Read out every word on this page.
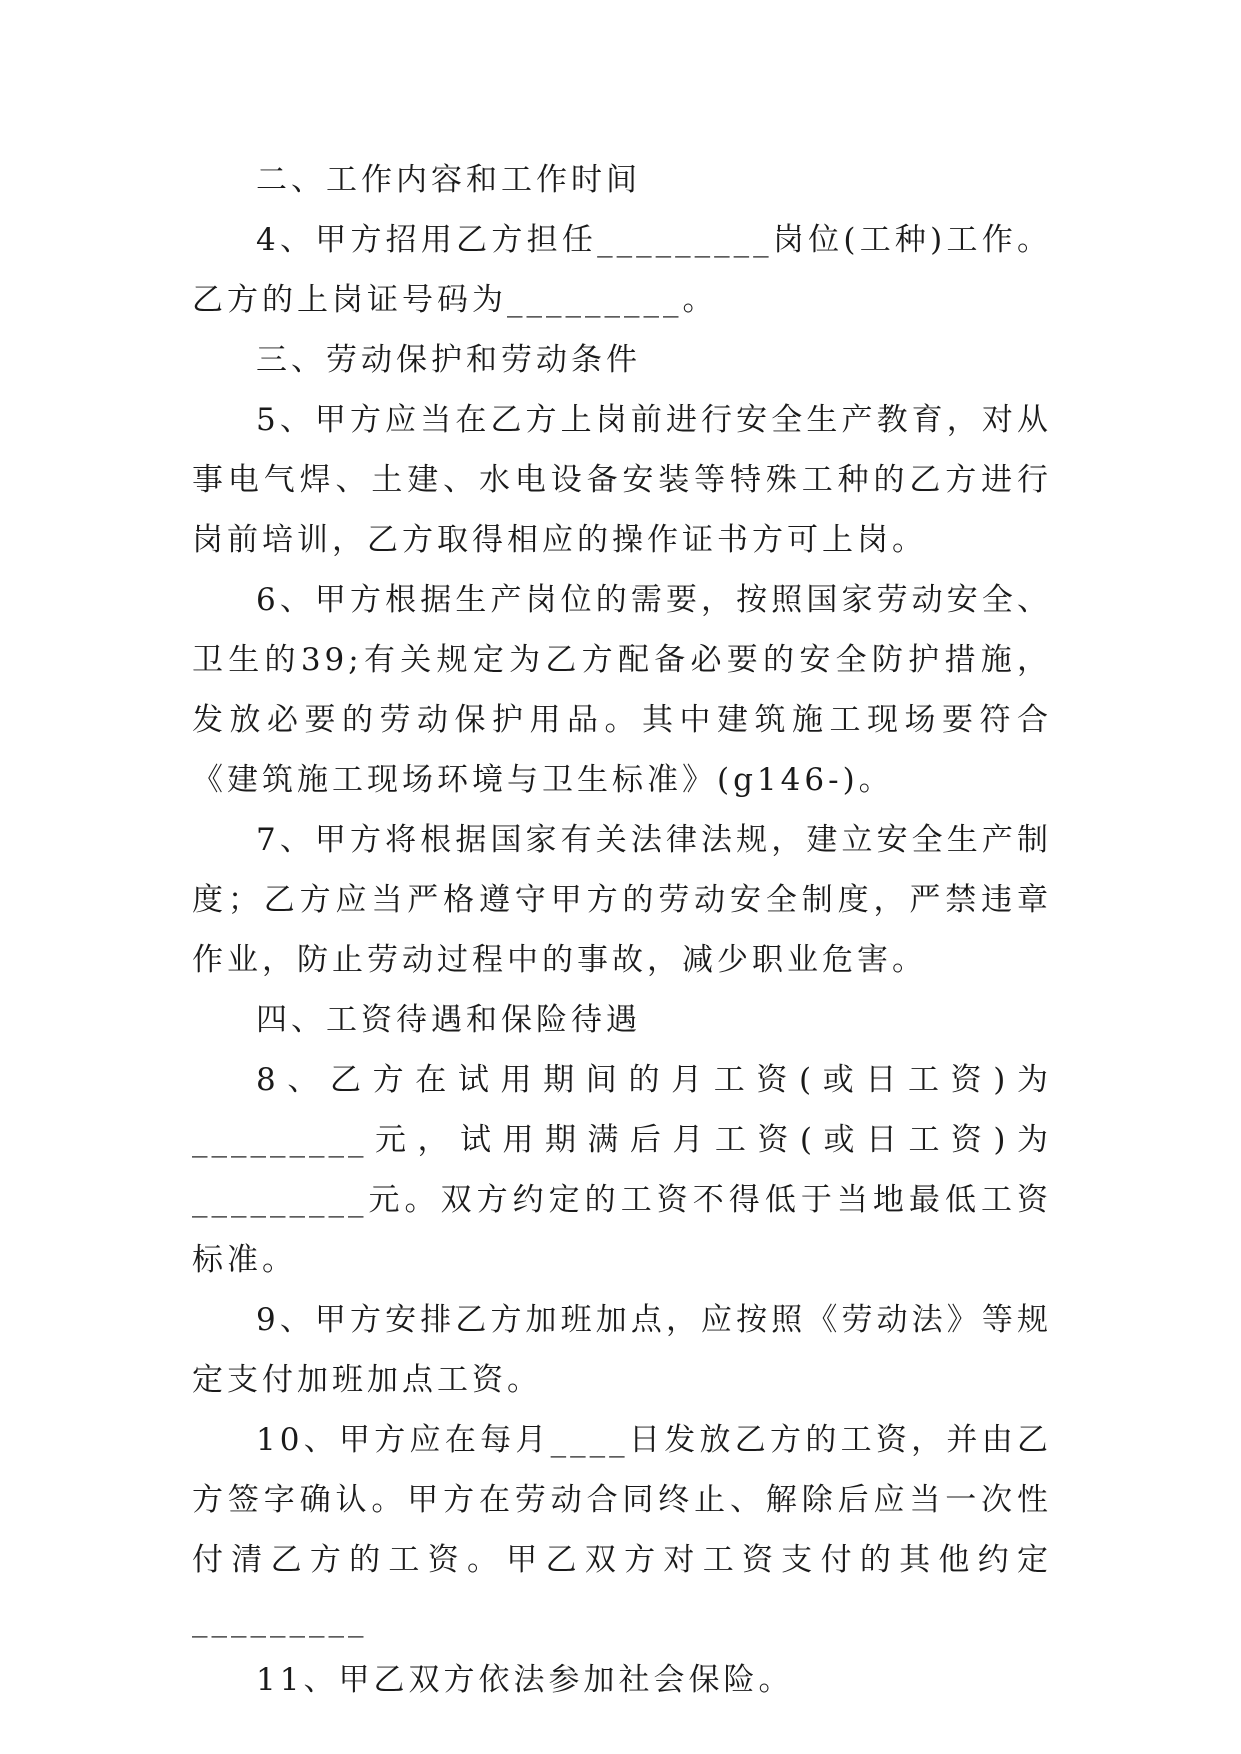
二、工作内容和工作时间

4、甲方招用乙方担任_________岗位(工种)工作。乙方的上岗证号码为_________。

三、劳动保护和劳动条件

5、甲方应当在乙方上岗前进行安全生产教育，对从事电气焊、土建、水电设备安装等特殊工种的乙方进行岗前培训，乙方取得相应的操作证书方可上岗。

6、甲方根据生产岗位的需要，按照国家劳动安全、卫生的39;有关规定为乙方配备必要的安全防护措施，发放必要的劳动保护用品。其中建筑施工现场要符合《建筑施工现场环境与卫生标准》(g146-)。

7、甲方将根据国家有关法律法规，建立安全生产制度；乙方应当严格遵守甲方的劳动安全制度，严禁违章作业，防止劳动过程中的事故，减少职业危害。

四、工资待遇和保险待遇

8、乙方在试用期间的月工资(或日工资)为_________元，试用期满后月工资(或日工资)为_________元。双方约定的工资不得低于当地最低工资标准。

9、甲方安排乙方加班加点，应按照《劳动法》等规定支付加班加点工资。

10、甲方应在每月____日发放乙方的工资，并由乙方签字确认。甲方在劳动合同终止、解除后应当一次性付清乙方的工资。甲乙双方对工资支付的其他约定_________

11、甲乙双方依法参加社会保险。
